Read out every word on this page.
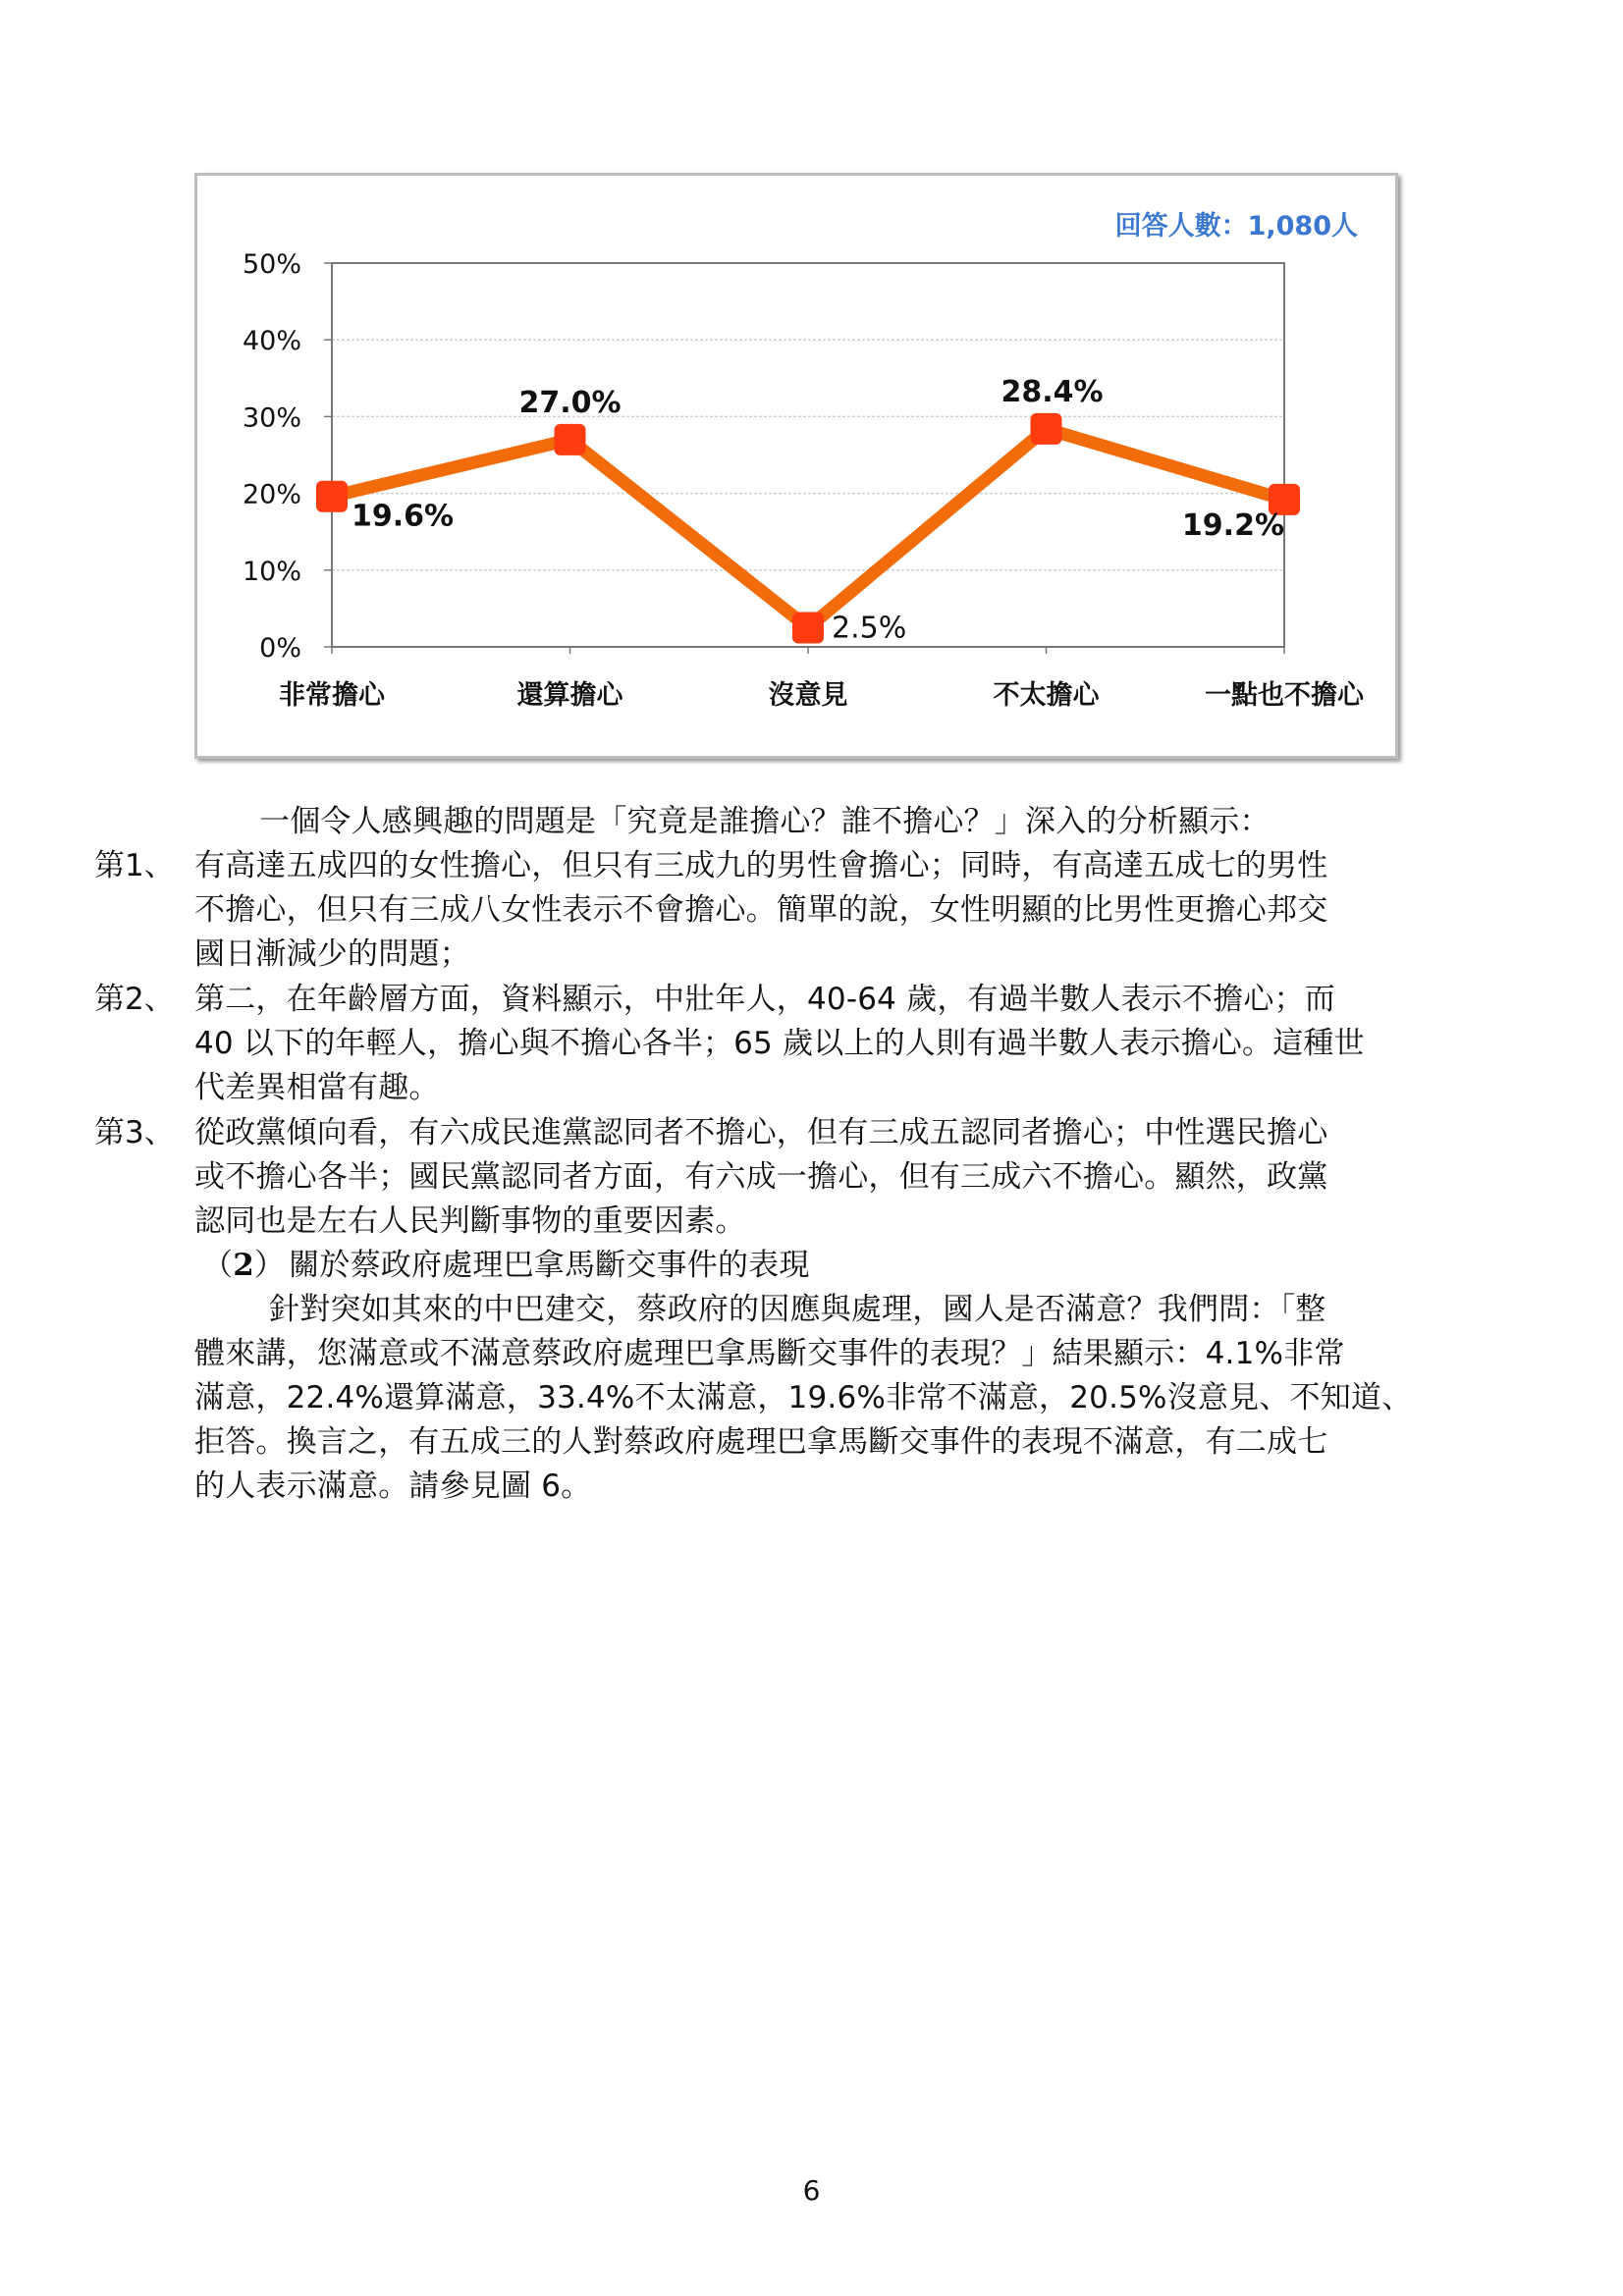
回答人數：1,080人
0%
10%
20%
30%
40%
50%
非常擔心	還算擔心	沒意見	不太擔心	一點也不擔心
19.6%
27.0%
2.5%
28.4%
19.2%
一個令人感興趣的問題是「究竟是誰擔心？誰不擔心？」深入的分析顯示：
第1、 有高達五成四的女性擔心，但只有三成九的男性會擔心；同時，有高達五成七的男性
不擔心，但只有三成八女性表示不會擔心。簡單的說，女性明顯的比男性更擔心邦交
國日漸減少的問題；
第2、 第二，在年齡層方面，資料顯示，中壯年人，40-64 歲，有過半數人表示不擔心；而
40 以下的年輕人，擔心與不擔心各半；65 歲以上的人則有過半數人表示擔心。這種世
代差異相當有趣。
第3、 從政黨傾向看，有六成民進黨認同者不擔心，但有三成五認同者擔心；中性選民擔心
或不擔心各半；國民黨認同者方面，有六成一擔心，但有三成六不擔心。顯然，政黨
認同也是左右人民判斷事物的重要因素。
（2） 關於蔡政府處理巴拿馬斷交事件的表現
針對突如其來的中巴建交，蔡政府的因應與處理，國人是否滿意？我們問：「整
體來講，您滿意或不滿意蔡政府處理巴拿馬斷交事件的表現？」結果顯示：4.1%非常
滿意，22.4%還算滿意，33.4%不太滿意，19.6%非常不滿意，20.5%沒意見、不知道、
拒答。換言之，有五成三的人對蔡政府處理巴拿馬斷交事件的表現不滿意，有二成七
的人表示滿意。請參見圖 6。
6
